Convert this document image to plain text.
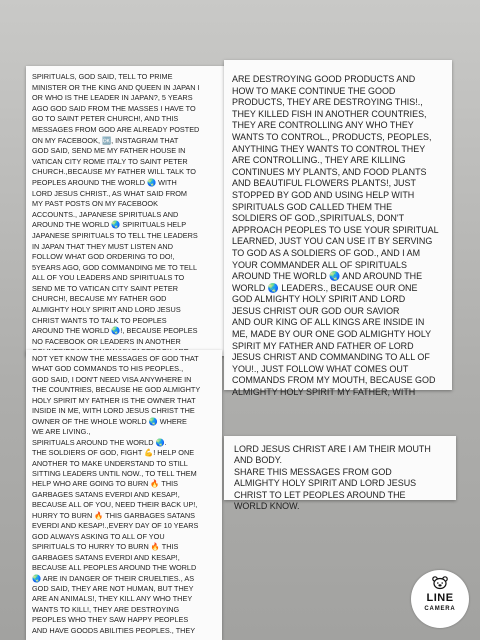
SPIRITUALS, GOD SAID, TELL TO PRIME
MINISTER OR THE KING AND QUEEN IN JAPAN I
OR WHO IS THE LEADER IN JAPAN?, 5 YEARS
AGO GOD SAID FROM THE MASSES I HAVE TO
GO TO SAINT PETER CHURCH!, AND THIS
MESSAGES FROM GOD ARE ALREADY POSTED
ON MY FACEBOOK, 🆗, INSTAGRAM THAT
GOD SAID, SEND ME MY FATHER HOUSE IN
VATICAN CITY ROME ITALY TO SAINT PETER
CHURCH.,BECAUSE MY FATHER WILL TALK TO
PEOPLES AROUND THE WORLD 🌏 WITH
LORD JESUS CHRIST., AS WHAT SAID FROM
MY PAST POSTS ON MY FACEBOOK
ACCOUNTS., JAPANESE SPIRITUALS AND
AROUND THE WORLD 🌏 SPIRITUALS HELP
JAPANESE SPIRITUALS TO TELL THE LEADERS
IN JAPAN THAT THEY MUST LISTEN AND
FOLLOW WHAT GOD ORDERING TO DO!,
5YEARS AGO, GOD COMMANDING ME TO TELL
ALL OF YOU LEADERS AND SPIRITUALS TO
SEND ME TO VATICAN CITY SAINT PETER
CHURCH!, BECAUSE MY FATHER GOD
ALMIGHTY HOLY SPIRIT AND LORD JESUS
CHRIST WANTS TO TALK TO PEOPLES
AROUND THE WORLD 🌏!, BECAUSE PEOPLES
NO FACEBOOK OR LEADERS IN ANOTHER
ARE DESTROYING GOOD PRODUCTS AND
HOW TO MAKE CONTINUE THE GOOD
PRODUCTS, THEY ARE DESTROYING THIS!.,
THEY KILLED FISH IN ANOTHER COUNTRIES,
THEY ARE CONTROLLING ANY WHO THEY
WANTS TO CONTROL., PRODUCTS, PEOPLES,
ANYTHING THEY WANTS TO CONTROL THEY
ARE CONTROLLING., THEY ARE KILLING
CONTINUES MY PLANTS, AND FOOD PLANTS
AND BEAUTIFUL FLOWERS PLANTS!, JUST
STOPPED BY GOD AND USING HELP WITH
SPIRITUALS GOD CALLED THEM THE
SOLDIERS OF GOD.,SPIRITUALS, DON'T
APPROACH PEOPLES TO USE YOUR SPIRITUAL
LEARNED, JUST YOU CAN USE IT BY SERVING
TO GOD AS A SOLDIERS OF GOD., AND I AM
YOUR COMMANDER ALL OF SPIRITUALS
AROUND THE WORLD 🌏 AND AROUND THE
WORLD 🌏 LEADERS., BECAUSE OUR ONE
GOD ALMIGHTY HOLY SPIRIT AND LORD
JESUS CHRIST OUR GOD OUR SAVIOR
AND OUR KING OF ALL KINGS ARE INSIDE IN
ME, MADE BY OUR ONE GOD ALMIGHTY HOLY
SPIRIT MY FATHER AND FATHER OF LORD
JESUS CHRIST AND COMMANDING TO ALL OF
YOU!., JUST FOLLOW WHAT COMES OUT
COMMANDS FROM MY MOUTH, BECAUSE GOD
ALMIGHTY HOLY SPIRIT MY FATHER, WITH
NOT YET KNOW THE MESSAGES OF GOD THAT
WHAT GOD COMMANDS TO HIS PEOPLES.,
GOD SAID, I DON'T NEED VISA ANYWHERE IN
THE COUNTRIES, BECAUSE HE GOD ALMIGHTY
HOLY SPIRIT MY FATHER IS THE OWNER THAT
INSIDE IN ME, WITH LORD JESUS CHRIST THE
OWNER OF THE WHOLE WORLD 🌏 WHERE
WE ARE LIVING.,
SPIRITUALS AROUND THE WORLD 🌏.
THE SOLDIERS OF GOD, FIGHT 💪! HELP ONE
ANOTHER TO MAKE UNDERSTAND TO STILL
SITTING LEADERS UNTIL NOW., TO TELL THEM
HELP WHO ARE GOING TO BURN 🔥 THIS
GARBAGES SATANS EVERDI AND KESAP!,
BECAUSE ALL OF YOU, NEED THEIR BACK UP!,
HURRY TO BURN 🔥 THIS GARBAGES SATANS
EVERDI AND KESAP!.,EVERY DAY OF 10 YEARS
GOD ALWAYS ASKING TO ALL OF YOU
SPIRITUALS TO HURRY TO BURN 🔥 THIS
GARBAGES SATANS EVERDI AND KESAP!,
BECAUSE ALL PEOPLES AROUND THE WORLD
🌏 ARE IN DANGER OF THEIR CRUELTIES., AS
GOD SAID, THEY ARE NOT HUMAN, BUT THEY
ARE AN ANIMALS!, THEY KILL ANY WHO THEY
WANTS TO KILL!, THEY ARE DESTROYING
PEOPLES WHO THEY SAW HAPPY PEOPLES
AND HAVE GOODS ABILITIES PEOPLES., THEY
LORD JESUS CHRIST ARE I AM THEIR MOUTH
AND BODY.
SHARE THIS MESSAGES FROM GOD
ALMIGHTY HOLY SPIRIT AND LORD JESUS
CHRIST TO LET PEOPLES AROUND THE
WORLD KNOW.
LINE
CAMERA
